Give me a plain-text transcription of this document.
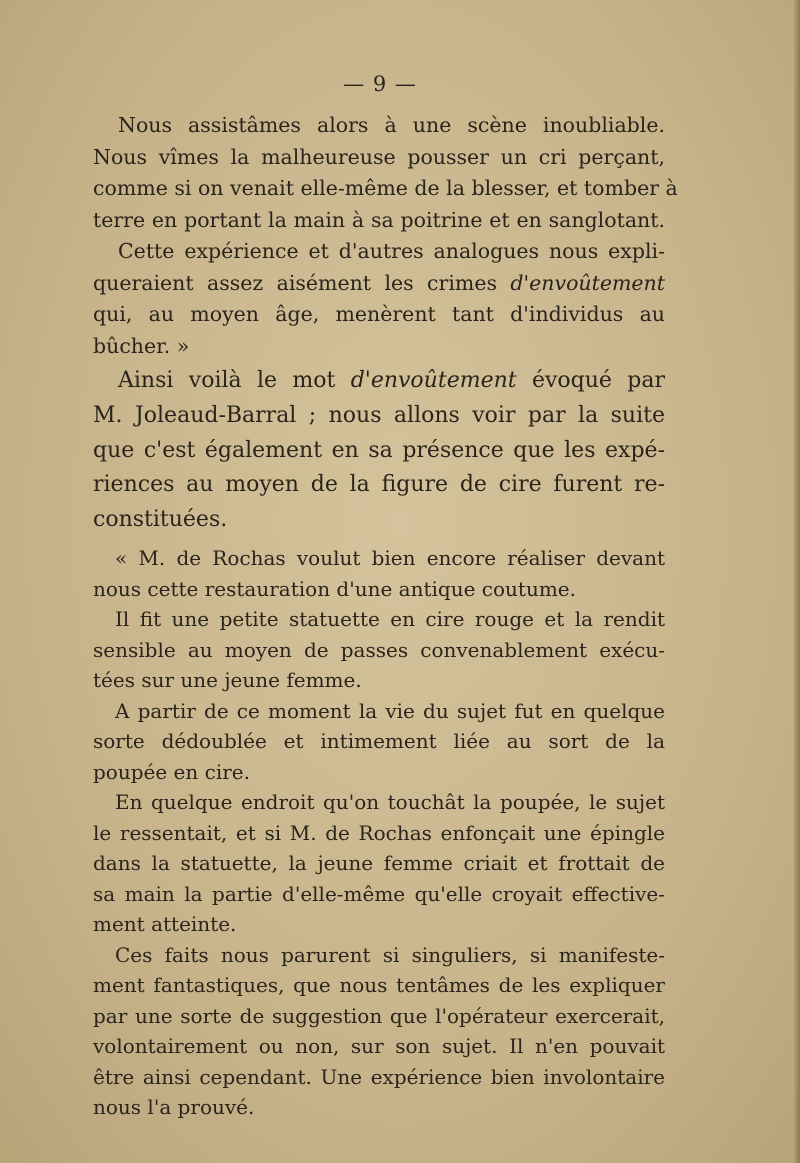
— 9 —
Nous assistâmes alors à une scène inoubliable.
Nous vîmes la malheureuse pousser un cri perçant,
comme si on venait elle-même de la blesser, et tomber à
terre en portant la main à sa poitrine et en sanglotant.
Cette expérience et d'autres analogues nous expli-
queraient assez aisément les crimes d'envoûtement
qui, au moyen âge, menèrent tant d'individus au
bûcher. »
Ainsi voilà le mot d'envoûtement évoqué par
M. Joleaud-Barral ; nous allons voir par la suite
que c'est également en sa présence que les expé-
riences au moyen de la figure de cire furent re-
constituées.
« M. de Rochas voulut bien encore réaliser devant
nous cette restauration d'une antique coutume.
Il fit une petite statuette en cire rouge et la rendit
sensible au moyen de passes convenablement exécu-
tées sur une jeune femme.
A partir de ce moment la vie du sujet fut en quelque
sorte dédoublée et intimement liée au sort de la
poupée en cire.
En quelque endroit qu'on touchât la poupée, le sujet
le ressentait, et si M. de Rochas enfonçait une épingle
dans la statuette, la jeune femme criait et frottait de
sa main la partie d'elle-même qu'elle croyait effective-
ment atteinte.
Ces faits nous parurent si singuliers, si manifeste-
ment fantastiques, que nous tentâmes de les expliquer
par une sorte de suggestion que l'opérateur exercerait,
volontairement ou non, sur son sujet. Il n'en pouvait
être ainsi cependant. Une expérience bien involontaire
nous l'a prouvé.
